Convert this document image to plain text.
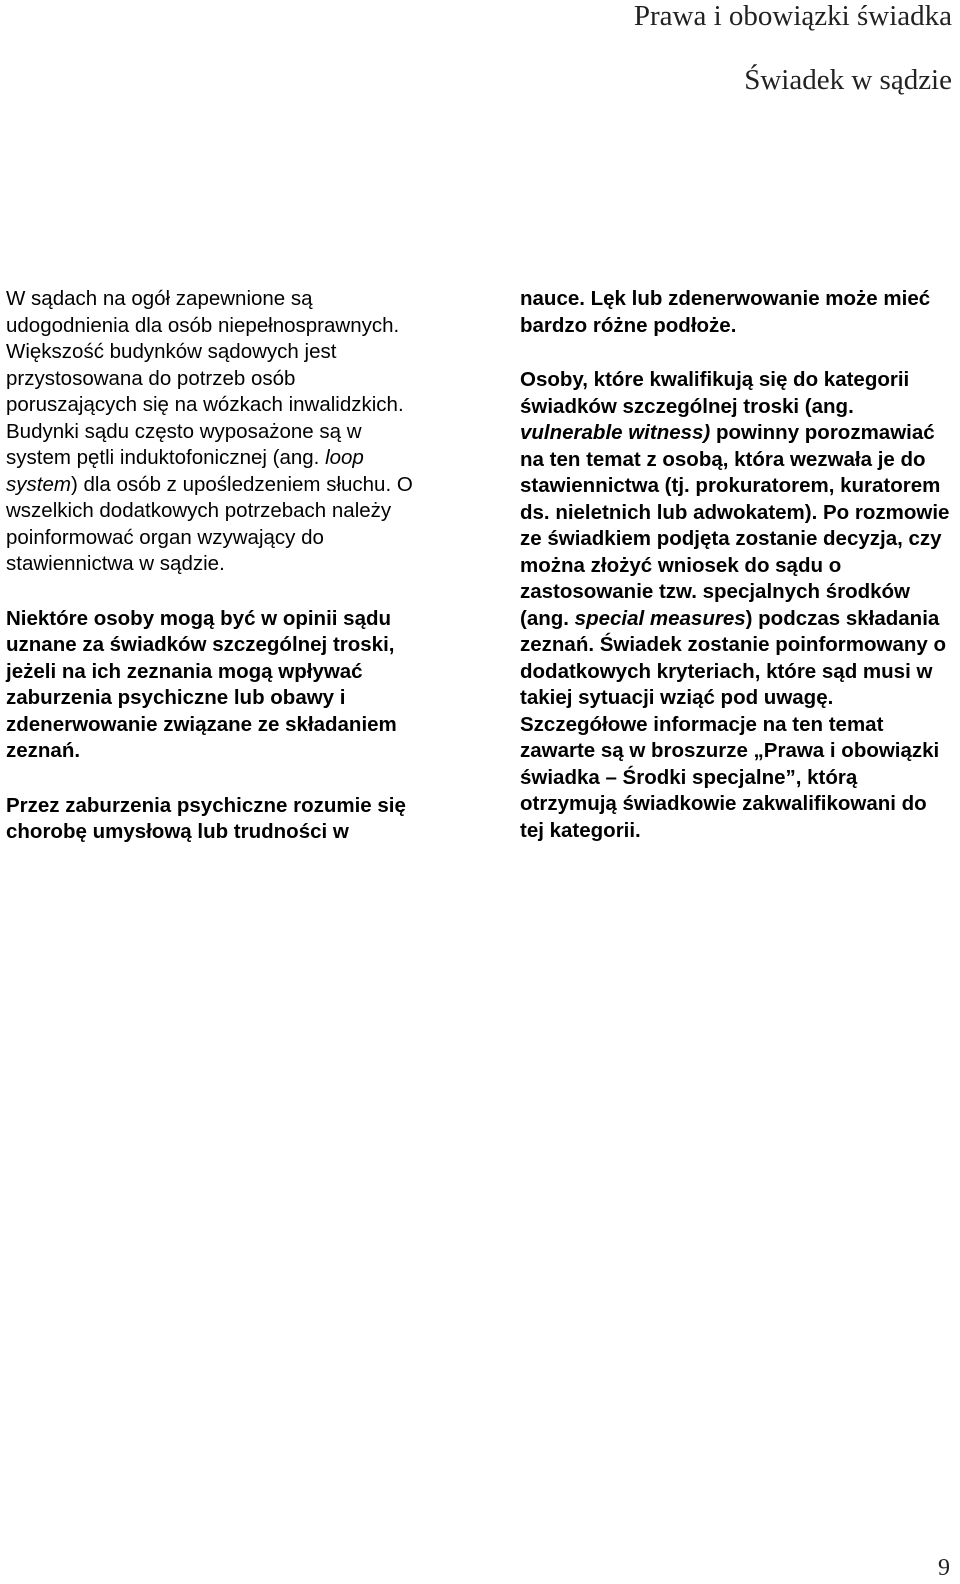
Prawa i obowiązki świadka
Świadek w sądzie

W sądach na ogół zapewnione są udogodnienia dla osób niepełnosprawnych. Większość budynków sądowych jest przystosowana do potrzeb osób poruszających się na wózkach inwalidzkich. Budynki sądu często wyposażone są w system pętli induktofonicznej (ang. loop system) dla osób z upośledzeniem słuchu. O wszelkich dodatkowych potrzebach należy poinformować organ wzywający do stawiennictwa w sądzie.

Niektóre osoby mogą być w opinii sądu uznane za świadków szczególnej troski, jeżeli na ich zeznania mogą wpływać zaburzenia psychiczne lub obawy i zdenerwowanie związane ze składaniem zeznań.

Przez zaburzenia psychiczne rozumie się chorobę umysłową lub trudności w

nauce. Lęk lub zdenerwowanie może mieć bardzo różne podłoże.

Osoby, które kwalifikują się do kategorii świadków szczególnej troski (ang. vulnerable witness) powinny porozmawiać na ten temat z osobą, która wezwała je do stawiennictwa (tj. prokuratorem, kuratorem ds. nieletnich lub adwokatem). Po rozmowie ze świadkiem podjęta zostanie decyzja, czy można złożyć wniosek do sądu o zastosowanie tzw. specjalnych środków (ang. special measures) podczas składania zeznań. Świadek zostanie poinformowany o dodatkowych kryteriach, które sąd musi w takiej sytuacji wziąć pod uwagę. Szczegółowe informacje na ten temat zawarte są w broszurze „Prawa i obowiązki świadka – Środki specjalne”, którą otrzymują świadkowie zakwalifikowani do tej kategorii.

9
